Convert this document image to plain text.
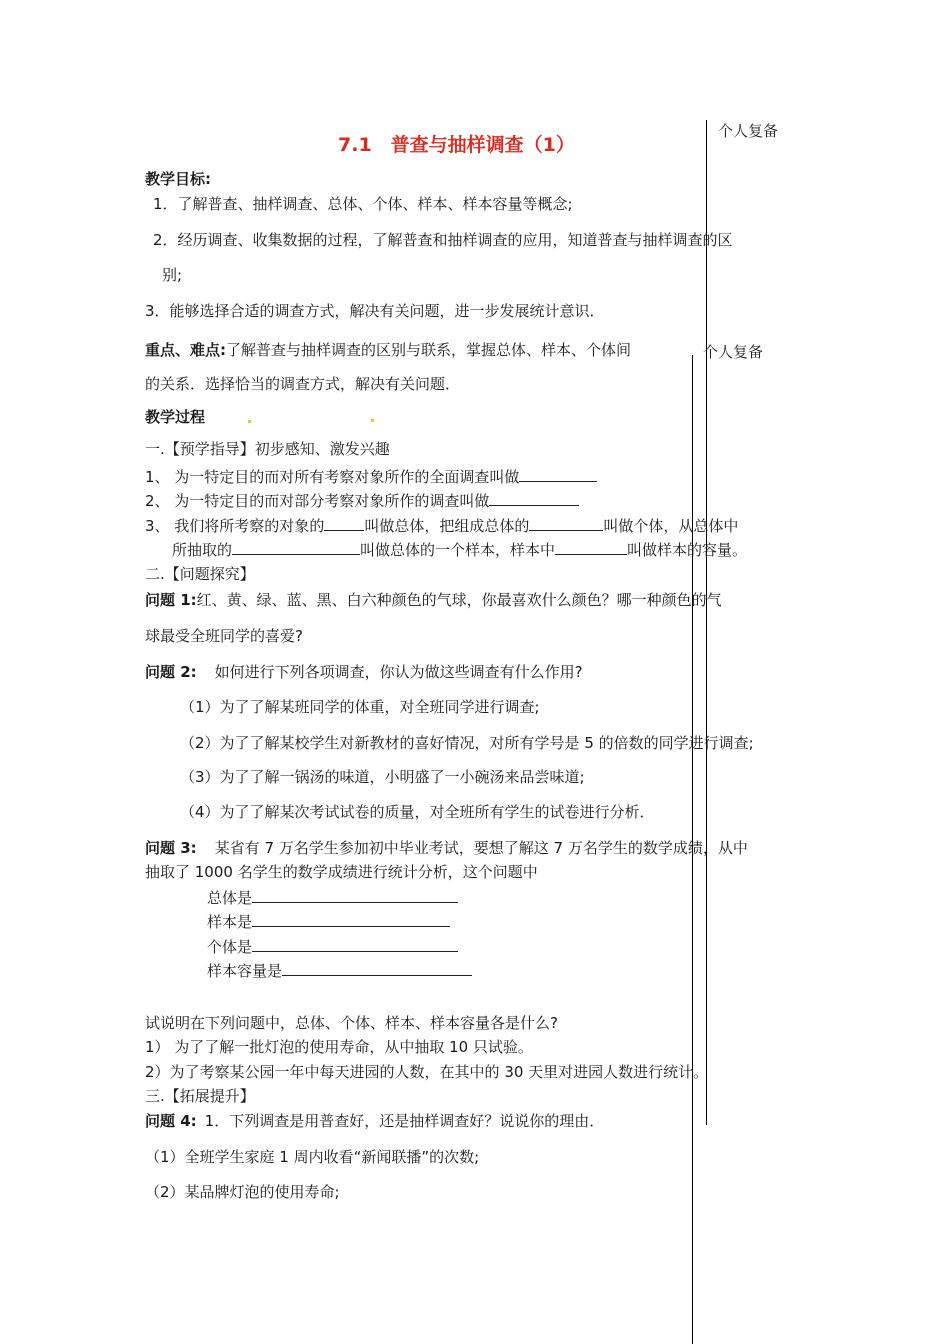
个人复备
个人复备
7.1　普查与抽样调查（1）
教学目标:
1．了解普查、抽样调查、总体、个体、样本、样本容量等概念;
2．经历调查、收集数据的过程，了解普查和抽样调查的应用，知道普查与抽样调查的区
别;
3．能够选择合适的调查方式，解决有关问题，进一步发展统计意识．
重点、难点:了解普查与抽样调查的区别与联系，掌握总体、样本、个体间
的关系．选择恰当的调查方式，解决有关问题．
教学过程
一.【预学指导】初步感知、激发兴趣
1、 为一特定目的而对所有考察对象所作的全面调查叫做
2、 为一特定目的而对部分考察对象所作的调查叫做
3、 我们将所考察的对象的	叫做总体，把组成总体的	叫做个体，从总体中
所抽取的	叫做总体的一个样本，样本中	叫做样本的容量。
二.【问题探究】
问题 1:红、黄、绿、蓝、黑、白六种颜色的气球，你最喜欢什么颜色？哪一种颜色的气
球最受全班同学的喜爱?
问题 2: 如何进行下列各项调查，你认为做这些调查有什么作用?
（1）为了了解某班同学的体重，对全班同学进行调查;
（2）为了了解某校学生对新教材的喜好情况，对所有学号是 5 的倍数的同学进行调查;
（3）为了了解一锅汤的味道，小明盛了一小碗汤来品尝味道;
（4）为了了解某次考试试卷的质量，对全班所有学生的试卷进行分析．
问题 3: 某省有 7 万名学生参加初中毕业考试，要想了解这 7 万名学生的数学成绩，从中
抽取了 1000 名学生的数学成绩进行统计分析，这个问题中
总体是
样本是
个体是
样本容量是
试说明在下列问题中，总体、个体、样本、样本容量各是什么?
1） 为了了解一批灯泡的使用寿命，从中抽取 10 只试验。
2）为了考察某公园一年中每天进园的人数，在其中的 30 天里对进园人数进行统计。
三.【拓展提升】
问题 4: 1．下列调查是用普查好，还是抽样调查好？说说你的理由．
（1）全班学生家庭 1 周内收看“新闻联播”的次数;
（2）某品牌灯泡的使用寿命;
